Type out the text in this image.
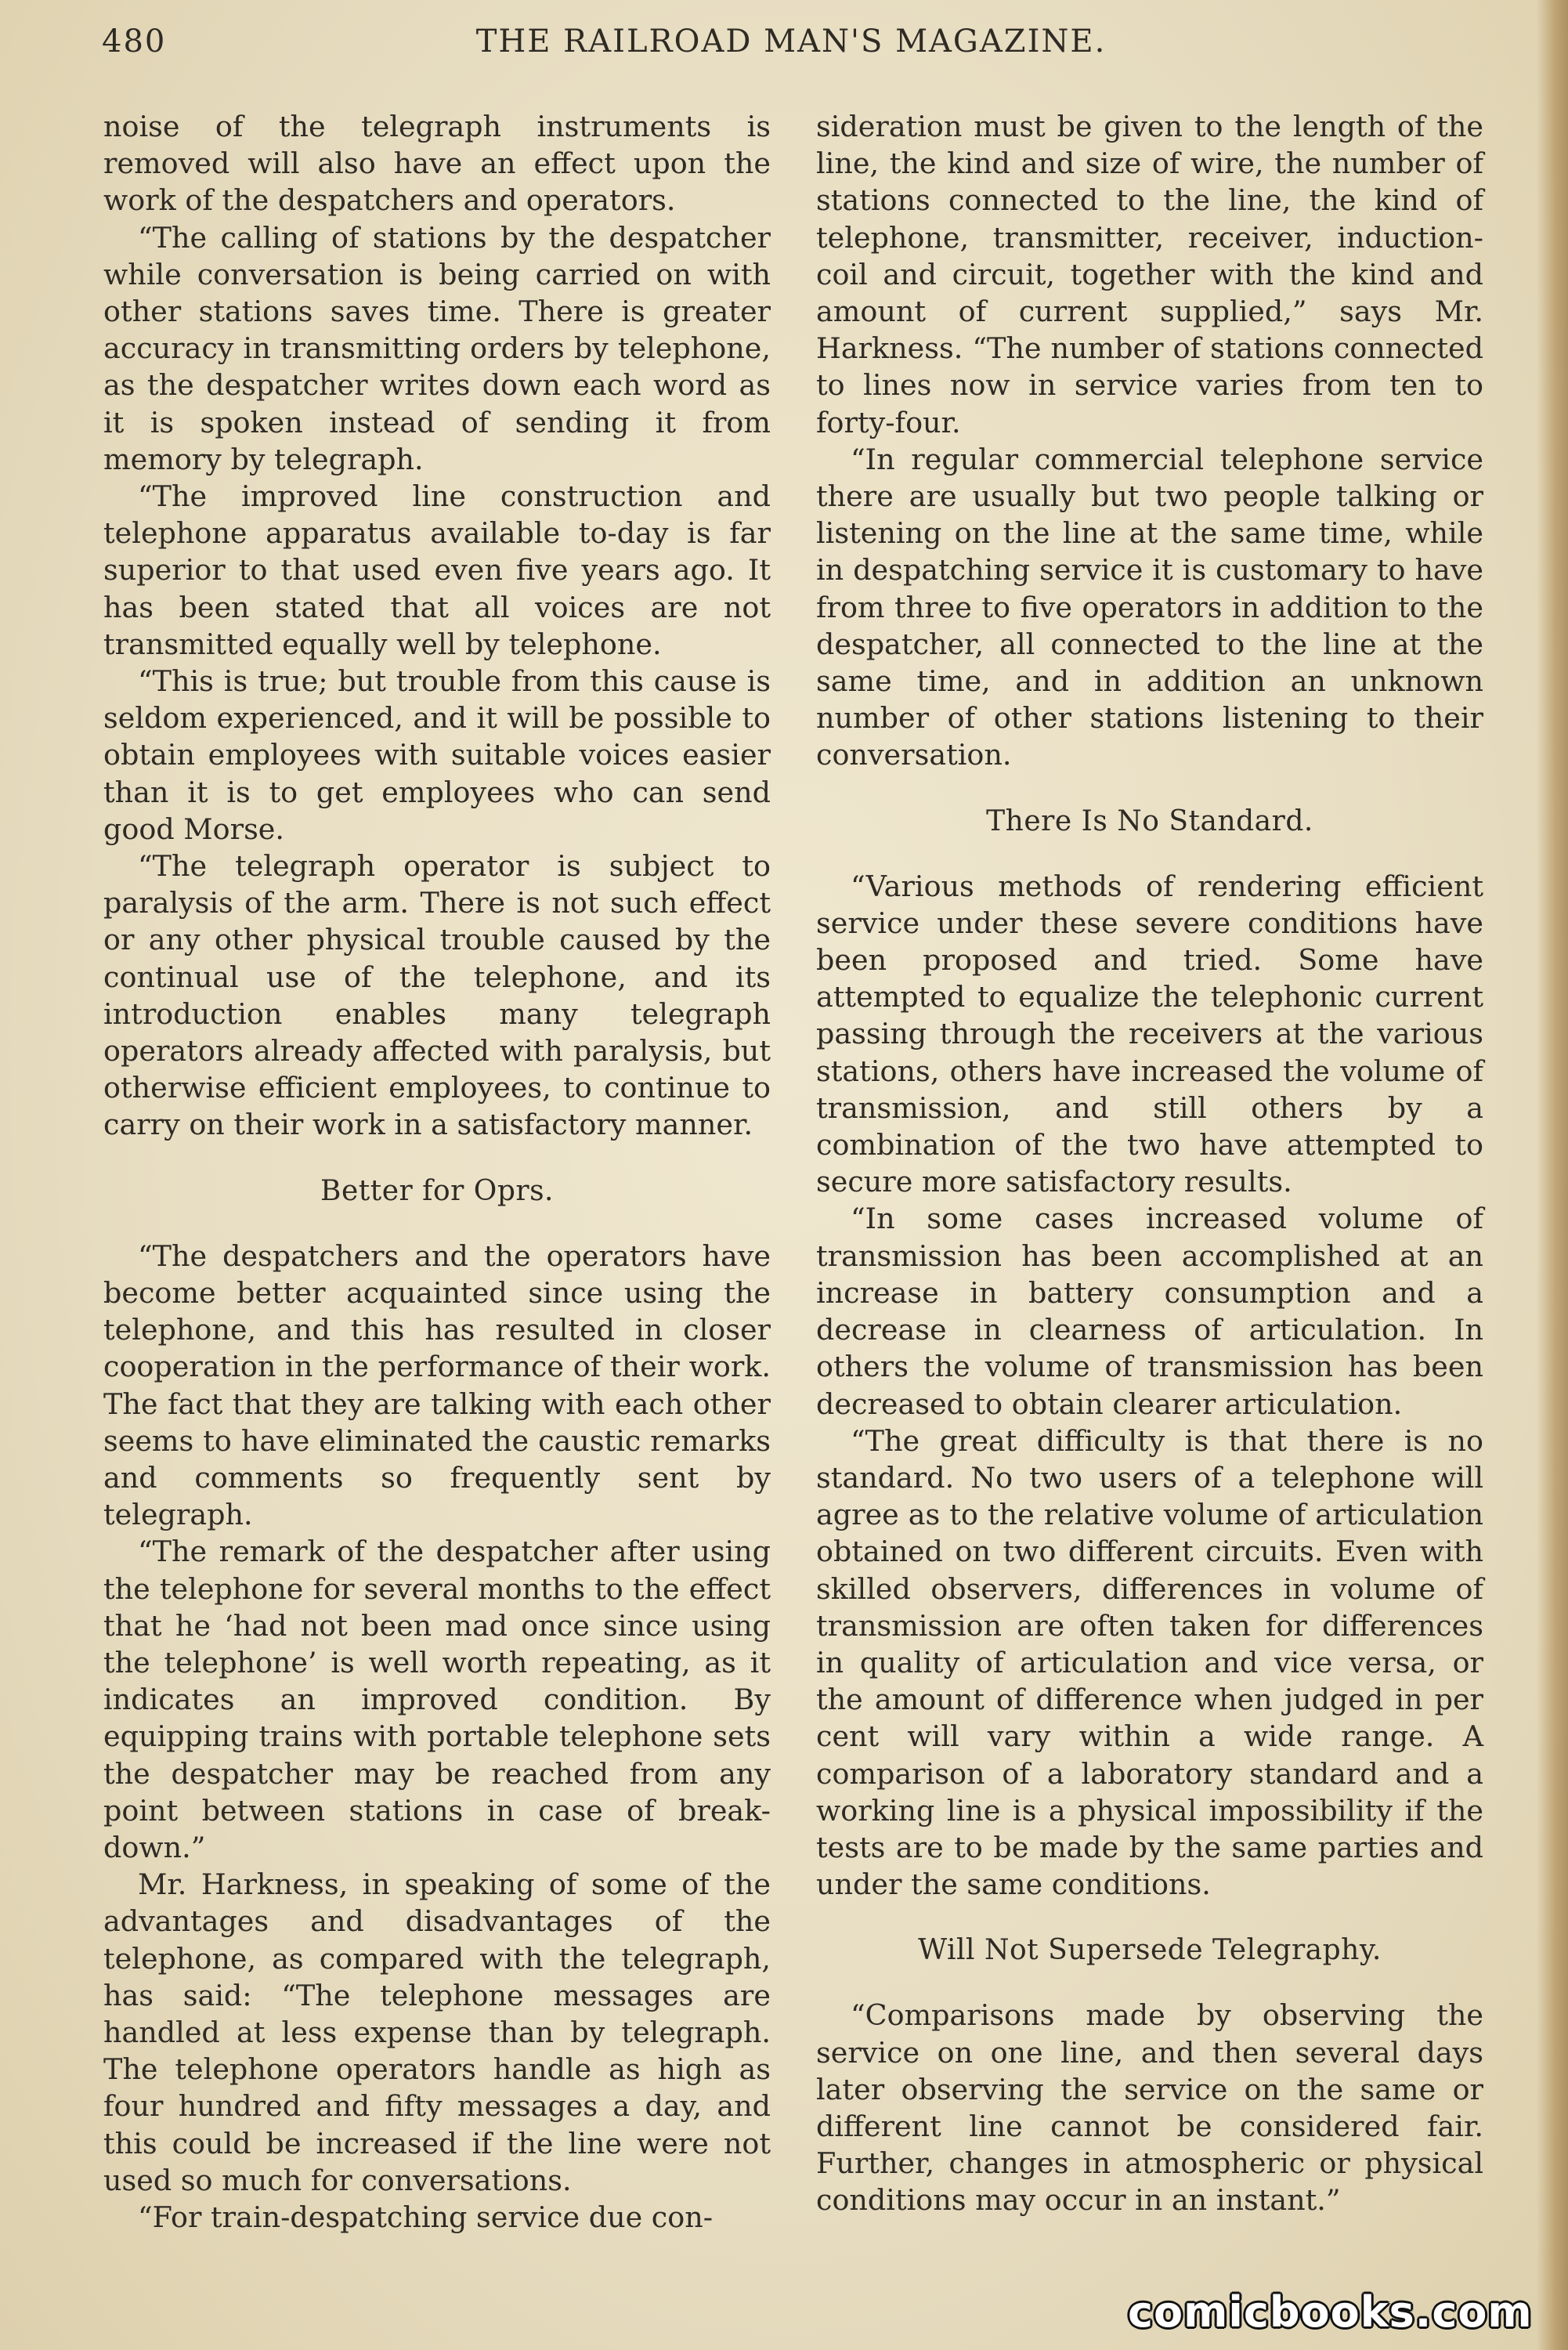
480	THE RAILROAD MAN'S MAGAZINE.

noise of the telegraph instruments is removed will also have an effect upon the work of the despatchers and operators.

“The calling of stations by the despatcher while conversation is being carried on with other stations saves time. There is greater accuracy in transmitting orders by telephone, as the despatcher writes down each word as it is spoken instead of sending it from memory by telegraph.

“The improved line construction and telephone apparatus available to-day is far superior to that used even five years ago. It has been stated that all voices are not transmitted equally well by telephone.

“This is true; but trouble from this cause is seldom experienced, and it will be possible to obtain employees with suitable voices easier than it is to get employees who can send good Morse.

“The telegraph operator is subject to paralysis of the arm. There is not such effect or any other physical trouble caused by the continual use of the telephone, and its introduction enables many telegraph operators already affected with paralysis, but otherwise efficient employees, to continue to carry on their work in a satisfactory manner.

Better for Oprs.

“The despatchers and the operators have become better acquainted since using the telephone, and this has resulted in closer cooperation in the performance of their work. The fact that they are talking with each other seems to have eliminated the caustic remarks and comments so frequently sent by telegraph.

“The remark of the despatcher after using the telephone for several months to the effect that he ‘had not been mad once since using the telephone’ is well worth repeating, as it indicates an improved condition. By equipping trains with portable telephone sets the despatcher may be reached from any point between stations in case of break-down.”

Mr. Harkness, in speaking of some of the advantages and disadvantages of the telephone, as compared with the telegraph, has said: “The telephone messages are handled at less expense than by telegraph. The telephone operators handle as high as four hundred and fifty messages a day, and this could be increased if the line were not used so much for conversations.

“For train-despatching service due con-

sideration must be given to the length of the line, the kind and size of wire, the number of stations connected to the line, the kind of telephone, transmitter, receiver, induction-coil and circuit, together with the kind and amount of current supplied,” says Mr. Harkness. “The number of stations connected to lines now in service varies from ten to forty-four.

“In regular commercial telephone service there are usually but two people talking or listening on the line at the same time, while in despatching service it is customary to have from three to five operators in addition to the despatcher, all connected to the line at the same time, and in addition an unknown number of other stations listening to their conversation.

There Is No Standard.

“Various methods of rendering efficient service under these severe conditions have been proposed and tried. Some have attempted to equalize the telephonic current passing through the receivers at the various stations, others have increased the volume of transmission, and still others by a combination of the two have attempted to secure more satisfactory results.

“In some cases increased volume of transmission has been accomplished at an increase in battery consumption and a decrease in clearness of articulation. In others the volume of transmission has been decreased to obtain clearer articulation.

“The great difficulty is that there is no standard. No two users of a telephone will agree as to the relative volume of articulation obtained on two different circuits. Even with skilled observers, differences in volume of transmission are often taken for differences in quality of articulation and vice versa, or the amount of difference when judged in per cent will vary within a wide range. A comparison of a laboratory standard and a working line is a physical impossibility if the tests are to be made by the same parties and under the same conditions.

Will Not Supersede Telegraphy.

“Comparisons made by observing the service on one line, and then several days later observing the service on the same or different line cannot be considered fair. Further, changes in atmospheric or physical conditions may occur in an instant.”

comicbooks.com
